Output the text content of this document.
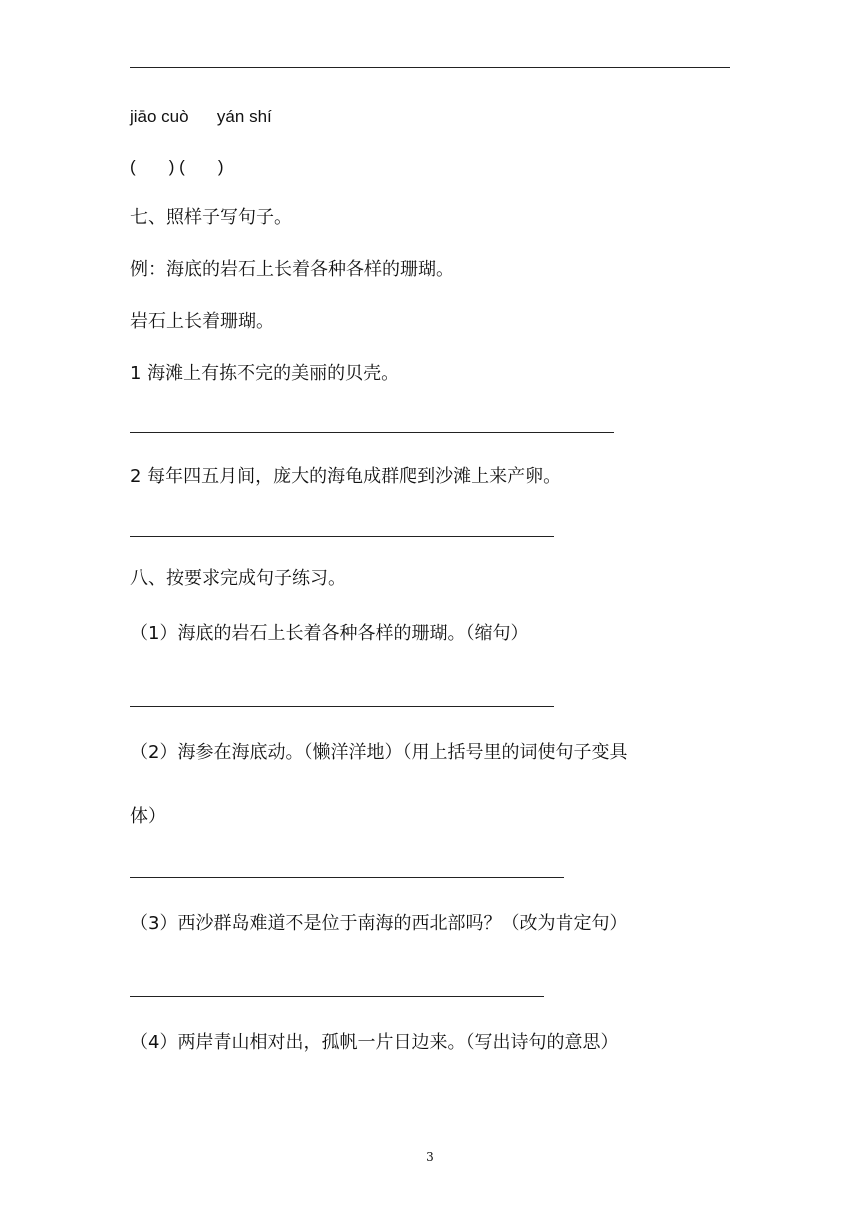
jiāo cuò      yán shí
(       ) (       )
七、照样子写句子。
例：海底的岩石上长着各种各样的珊瑚。
岩石上长着珊瑚。
1 海滩上有拣不完的美丽的贝壳。
2 每年四五月间，庞大的海龟成群爬到沙滩上来产卵。
八、按要求完成句子练习。
（1）海底的岩石上长着各种各样的珊瑚。（缩句）
（2）海参在海底动。（懒洋洋地）（用上括号里的词使句子变具
体）
（3）西沙群岛难道不是位于南海的西北部吗？（改为肯定句）
（4）两岸青山相对出，孤帆一片日边来。（写出诗句的意思）
3
